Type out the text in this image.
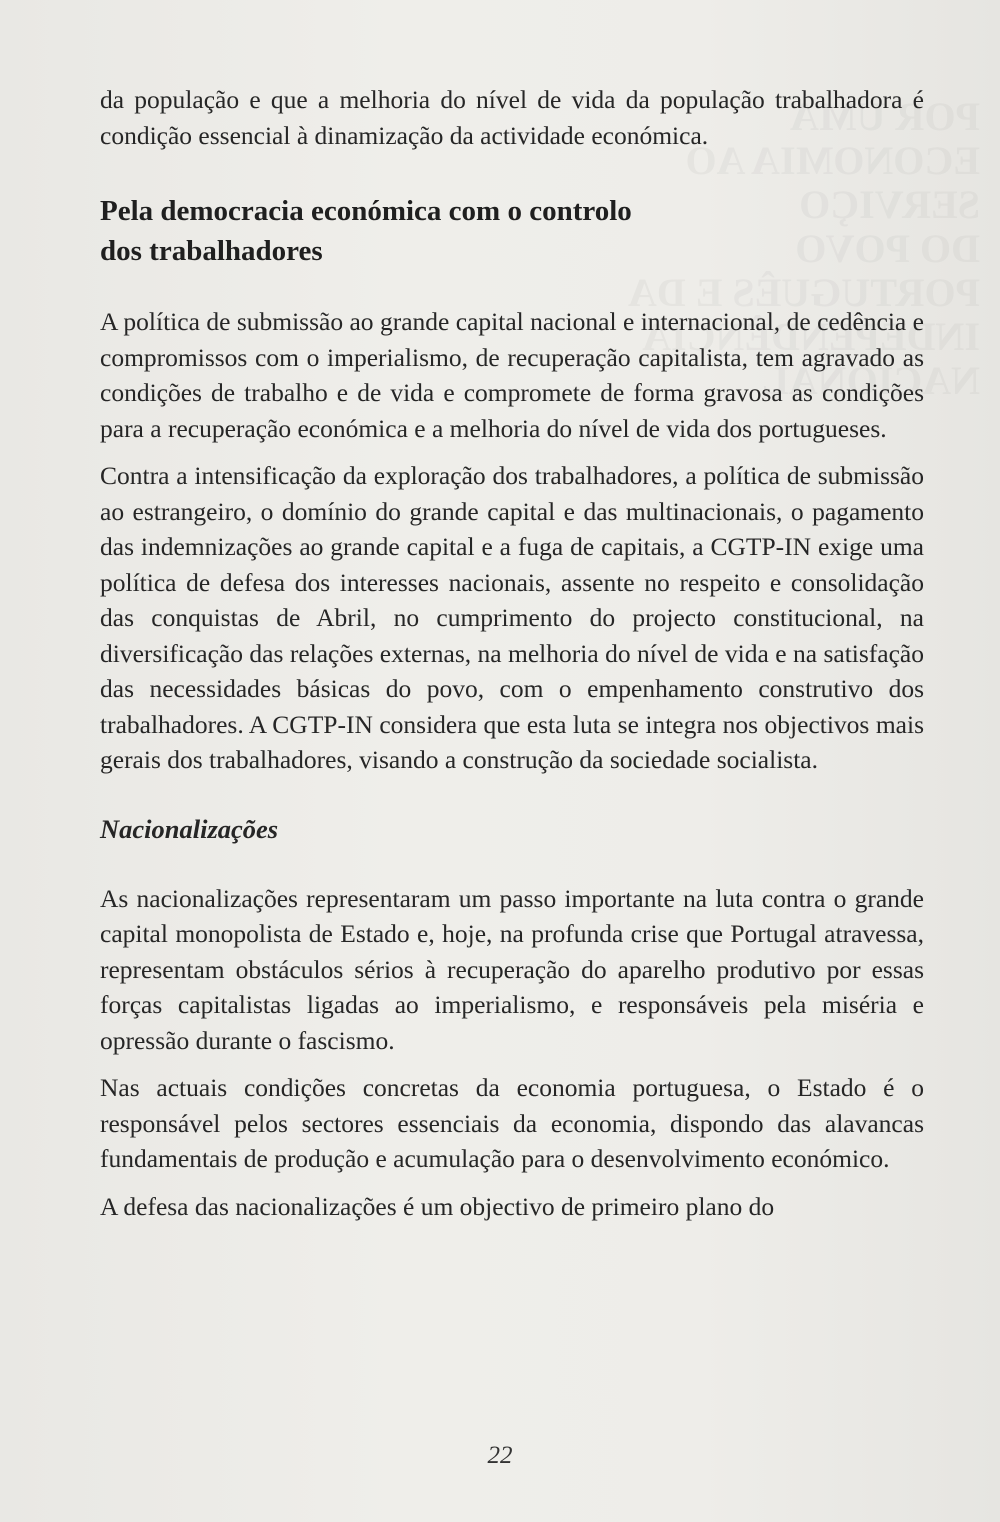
da população e que a melhoria do nível de vida da população trabalhadora é condição essencial à dinamização da actividade económica.

Pela democracia económica com o controlo
dos trabalhadores

A política de submissão ao grande capital nacional e internacional, de cedência e compromissos com o imperialismo, de recuperação capitalista, tem agravado as condições de trabalho e de vida e compromete de forma gravosa as condições para a recuperação económica e a melhoria do nível de vida dos portugueses.

Contra a intensificação da exploração dos trabalhadores, a política de submissão ao estrangeiro, o domínio do grande capital e das multinacionais, o pagamento das indemnizações ao grande capital e a fuga de capitais, a CGTP-IN exige uma política de defesa dos interesses nacionais, assente no respeito e consolidação das conquistas de Abril, no cumprimento do projecto constitucional, na diversificação das relações externas, na melhoria do nível de vida e na satisfação das necessidades básicas do povo, com o empenhamento construtivo dos trabalhadores. A CGTP-IN considera que esta luta se integra nos objectivos mais gerais dos trabalhadores, visando a construção da sociedade socialista.

Nacionalizações

As nacionalizações representaram um passo importante na luta contra o grande capital monopolista de Estado e, hoje, na profunda crise que Portugal atravessa, representam obstáculos sérios à recuperação do aparelho produtivo por essas forças capitalistas ligadas ao imperialismo, e responsáveis pela miséria e opressão durante o fascismo.

Nas actuais condições concretas da economia portuguesa, o Estado é o responsável pelos sectores essenciais da economia, dispondo das alavancas fundamentais de produção e acumulação para o desenvolvimento económico.

A defesa das nacionalizações é um objectivo de primeiro plano do

22
